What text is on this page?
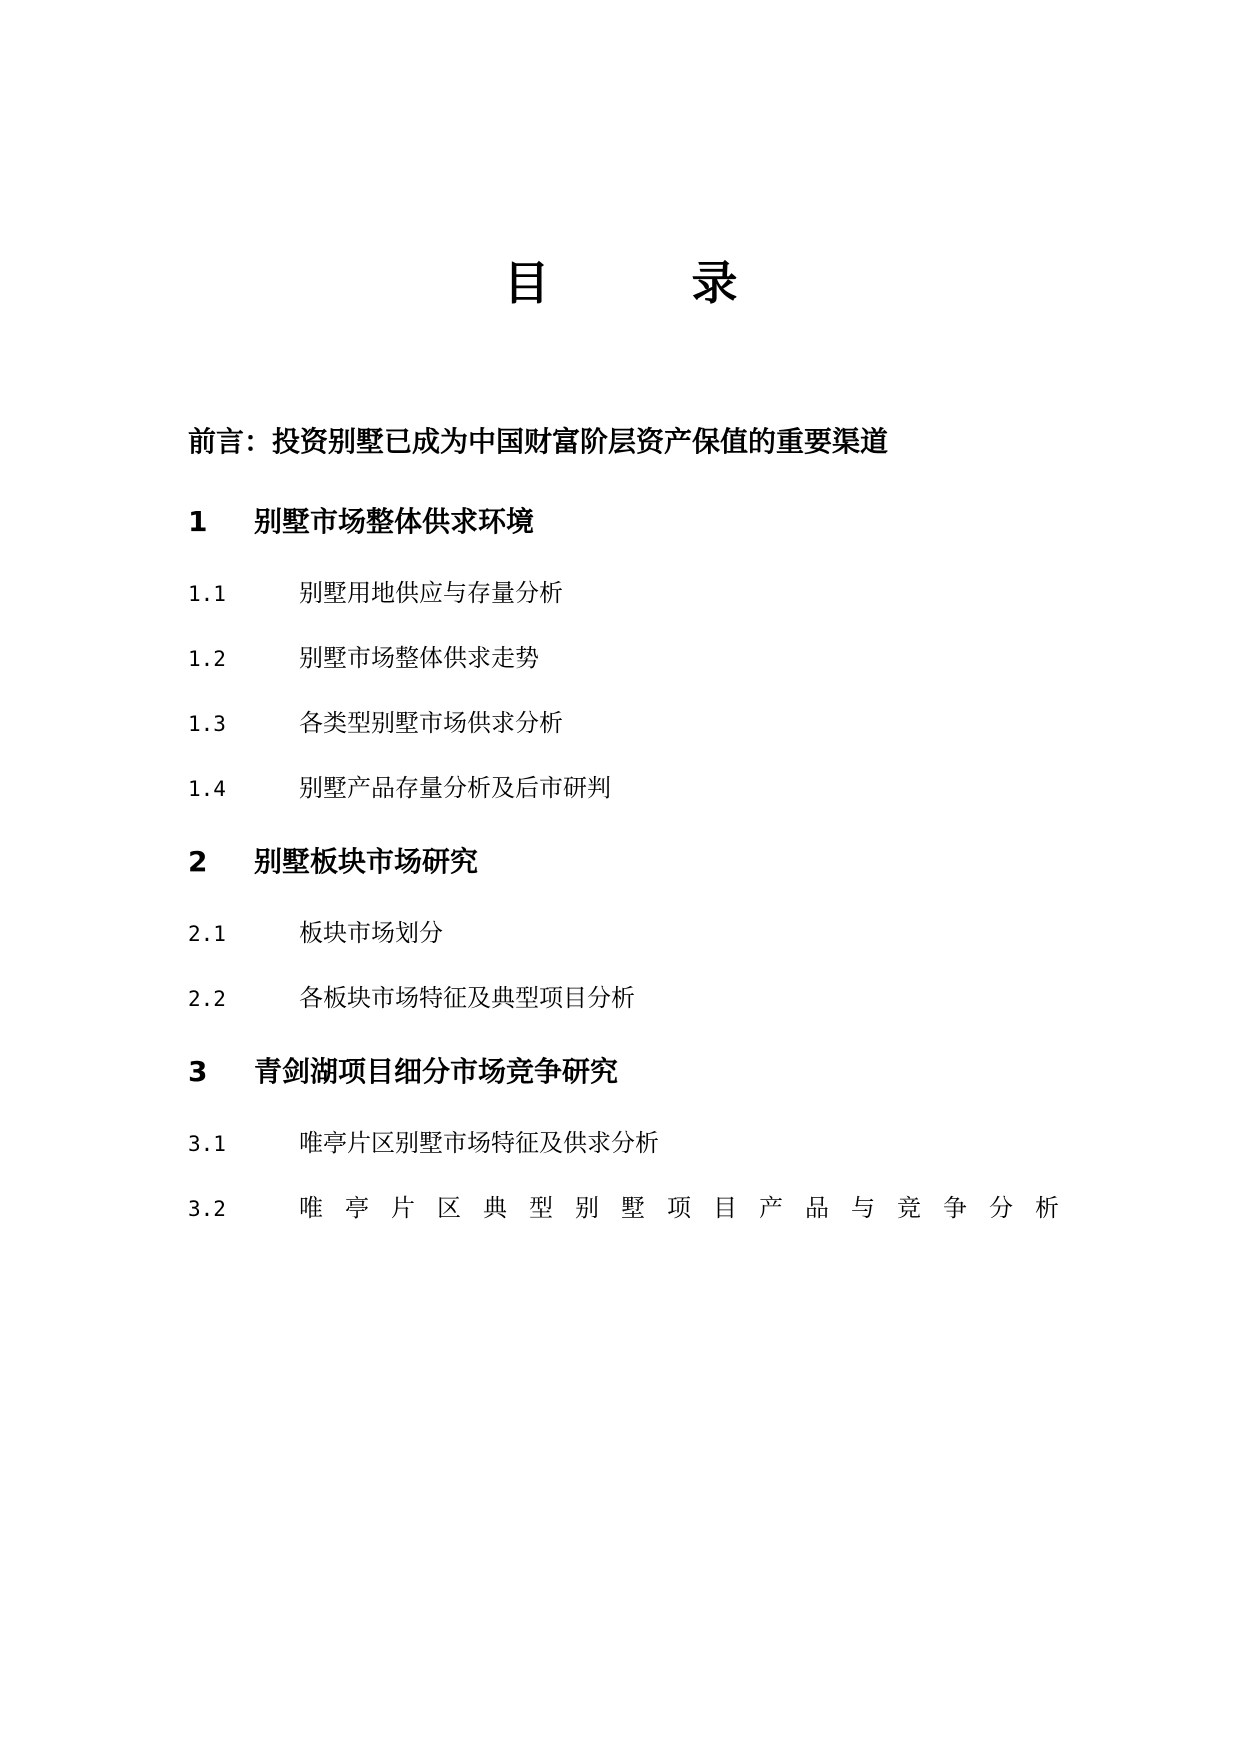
目　录
前言：投资别墅已成为中国财富阶层资产保值的重要渠道
1 别墅市场整体供求环境
1.1	别墅用地供应与存量分析
1.2	别墅市场整体供求走势
1.3	各类型别墅市场供求分析
1.4	别墅产品存量分析及后市研判
2 别墅板块市场研究
2.1	板块市场划分
2.2	各板块市场特征及典型项目分析
3 青剑湖项目细分市场竞争研究
3.1	唯亭片区别墅市场特征及供求分析
3.2	唯亭片区典型别墅项目产品与竞争分析
